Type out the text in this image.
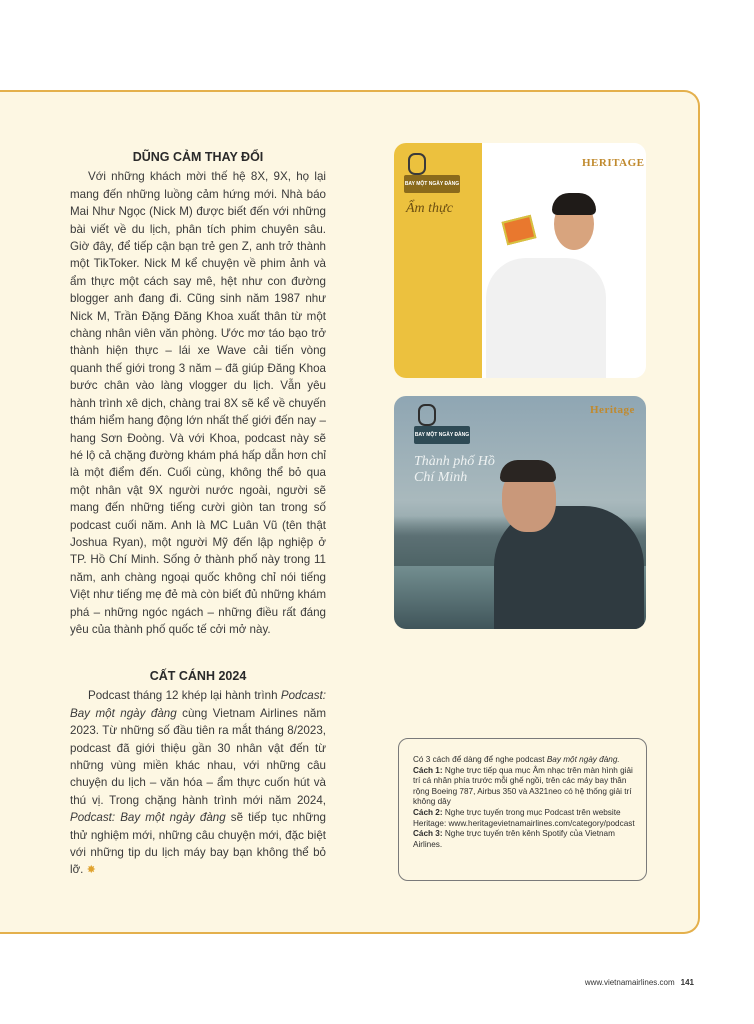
DŨNG CẢM THAY ĐỔI

Với những khách mời thế hệ 8X, 9X, họ lại mang đến những luồng cảm hứng mới. Nhà báo Mai Như Ngọc (Nick M) được biết đến với những bài viết về du lịch, phân tích phim chuyên sâu. Giờ đây, để tiếp cận bạn trẻ gen Z, anh trở thành một TikToker. Nick M kể chuyện về phim ảnh và ẩm thực một cách say mê, hệt như con đường blogger anh đang đi. Cũng sinh năm 1987 như Nick M, Trần Đặng Đăng Khoa xuất thân từ một chàng nhân viên văn phòng. Ước mơ táo bạo trở thành hiện thực – lái xe Wave cải tiến vòng quanh thế giới trong 3 năm – đã giúp Đăng Khoa bước chân vào làng vlogger du lịch. Vẫn yêu hành trình xê dịch, chàng trai 8X sẽ kể về chuyến thám hiểm hang động lớn nhất thế giới đến nay – hang Sơn Đoòng. Và với Khoa, podcast này sẽ hé lộ cả chặng đường khám phá hấp dẫn hơn chỉ là một điểm đến. Cuối cùng, không thể bỏ qua một nhân vật 9X người nước ngoài, người sẽ mang đến những tiếng cười giòn tan trong số podcast cuối năm. Anh là MC Luân Vũ (tên thật Joshua Ryan), một người Mỹ đến lập nghiệp ở TP. Hồ Chí Minh. Sống ở thành phố này trong 11 năm, anh chàng ngoại quốc không chỉ nói tiếng Việt như tiếng mẹ đẻ mà còn biết đủ những khám phá – những ngóc ngách – những điều rất đáng yêu của thành phố quốc tế cởi mở này.

CẤT CÁNH 2024

Podcast tháng 12 khép lại hành trình Podcast: Bay một ngày đàng cùng Vietnam Airlines năm 2023. Từ những số đầu tiên ra mắt tháng 8/2023, podcast đã giới thiệu gần 30 nhân vật đến từ những vùng miền khác nhau, với những câu chuyện du lịch – văn hóa – ẩm thực cuốn hút và thú vị. Trong chặng hành trình mới năm 2024, Podcast: Bay một ngày đàng sẽ tiếp tục những thử nghiệm mới, những câu chuyện mới, đặc biệt với những tip du lịch máy bay bạn không thể bỏ lỡ. ✸

BAY MỘT NGÀY ĐÀNG
Ẩm thực
HERITAGE
BAY MỘT NGÀY ĐÀNG
Thành phố Hồ Chí Minh
Heritage

Có 3 cách để dàng để nghe podcast Bay một ngày đàng.

Cách 1: Nghe trực tiếp qua mục Âm nhạc trên màn hình giải trí cá nhân phía trước mỗi ghế ngồi, trên các máy bay thân rộng Boeing 787, Airbus 350 và A321neo có hệ thống giải trí không dây

Cách 2: Nghe trực tuyến trong mục Podcast trên website Heritage: www.heritagevietnamairlines.com/category/podcast

Cách 3: Nghe trực tuyến trên kênh Spotify của Vietnam Airlines.

www.vietnamairlines.com 141
